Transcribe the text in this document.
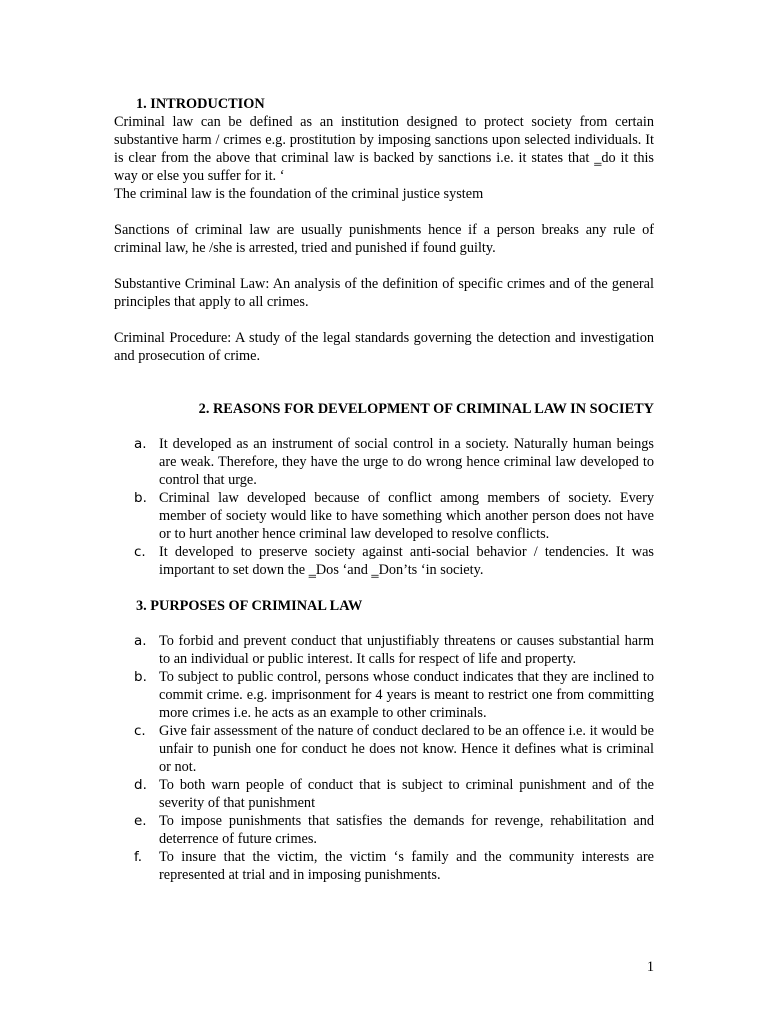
1. INTRODUCTION
Criminal law can be defined as an institution designed to protect society from certain substantive harm / crimes e.g. prostitution by imposing sanctions upon selected individuals. It is clear from the above that criminal law is backed by sanctions i.e. it states that ‗do it this way or else you suffer for it. ‘
The criminal law is the foundation of the criminal justice system
Sanctions of criminal law are usually punishments hence if a person breaks any rule of criminal law, he /she is arrested, tried and punished if found guilty.
Substantive Criminal Law: An analysis of the definition of specific crimes and of the general principles that apply to all crimes.
Criminal Procedure: A study of the legal standards governing the detection and investigation and prosecution of crime.
2. REASONS FOR DEVELOPMENT OF CRIMINAL LAW IN SOCIETY
a. It developed as an instrument of social control in a society. Naturally human beings are weak. Therefore, they have the urge to do wrong hence criminal law developed to control that urge.
b. Criminal law developed because of conflict among members of society. Every member of society would like to have something which another person does not have or to hurt another hence criminal law developed to resolve conflicts.
c. It developed to preserve society against anti-social behavior / tendencies. It was important to set down the ‗Dos ‘and ‗Don’ts ‘in society.
3. PURPOSES OF CRIMINAL LAW
a. To forbid and prevent conduct that unjustifiably threatens or causes substantial harm to an individual or public interest. It calls for respect of life and property.
b. To subject to public control, persons whose conduct indicates that they are inclined to commit crime. e.g. imprisonment for 4 years is meant to restrict one from committing more crimes i.e. he acts as an example to other criminals.
c. Give fair assessment of the nature of conduct declared to be an offence i.e. it would be unfair to punish one for conduct he does not know. Hence it defines what is criminal or not.
d. To both warn people of conduct that is subject to criminal punishment and of the severity of that punishment
e. To impose punishments that satisfies the demands for revenge, rehabilitation and deterrence of future crimes.
f. To insure that the victim, the victim ‘s family and the community interests are represented at trial and in imposing punishments.
1
